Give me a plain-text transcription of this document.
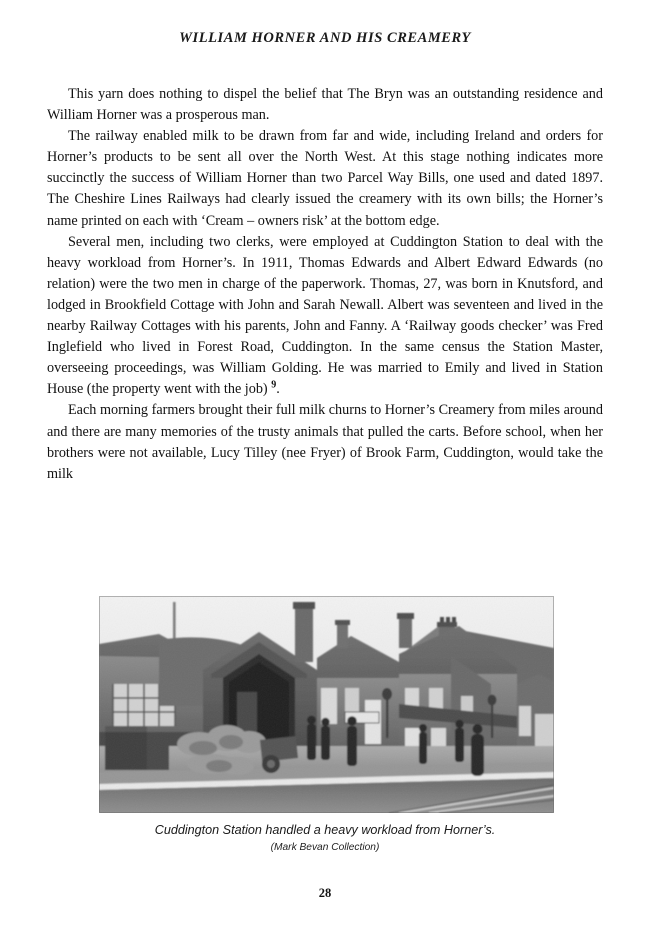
WILLIAM HORNER AND HIS CREAMERY

This yarn does nothing to dispel the belief that The Bryn was an outstanding residence and William Horner was a prosperous man.

The railway enabled milk to be drawn from far and wide, including Ireland and orders for Horner’s products to be sent all over the North West. At this stage nothing indicates more succinctly the success of William Horner than two Parcel Way Bills, one used and dated 1897. The Cheshire Lines Railways had clearly issued the creamery with its own bills; the Horner’s name printed on each with ‘Cream – owners risk’ at the bottom edge.

Several men, including two clerks, were employed at Cuddington Station to deal with the heavy workload from Horner’s. In 1911, Thomas Edwards and Albert Edward Edwards (no relation) were the two men in charge of the paperwork. Thomas, 27, was born in Knutsford, and lodged in Brookfield Cottage with John and Sarah Newall. Albert was seventeen and lived in the nearby Railway Cottages with his parents, John and Fanny. A ‘Railway goods checker’ was Fred Inglefield who lived in Forest Road, Cuddington. In the same census the Station Master, overseeing proceedings, was William Golding. He was married to Emily and lived in Station House (the property went with the job) $^9$.

Each morning farmers brought their full milk churns to Horner’s Creamery from miles around and there are many memories of the trusty animals that pulled the carts. Before school, when her brothers were not available, Lucy Tilley (nee Fryer) of Brook Farm, Cuddington, would take the milk

Cuddington Station handled a heavy workload from Horner’s.
(Mark Bevan Collection)
28
